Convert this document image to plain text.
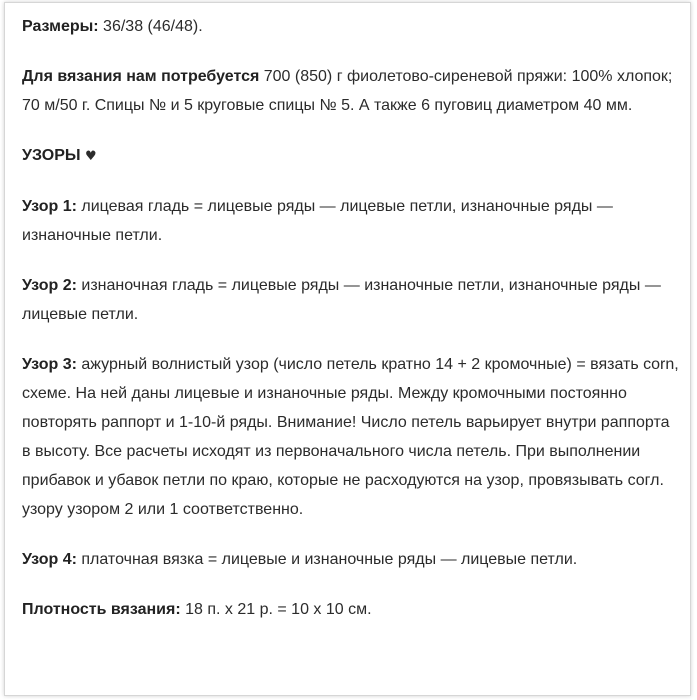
Размеры: 36/38 (46/48).

Для вязания нам потребуется 700 (850) г фиолетово-сиреневой пряжи: 100% хлопок; 70 м/50 г. Спицы № и 5 круговые спицы № 5. А также 6 пуговиц диаметром 40 мм.

УЗОРЫ ♥

Узор 1: лицевая гладь = лицевые ряды — лицевые петли, изнаночные ряды — изнаночные петли.

Узор 2: изнаночная гладь = лицевые ряды — изнаночные петли, изнаночные ряды — лицевые петли.

Узор 3: ажурный волнистый узор (число петель кратно 14 + 2 кромочные) = вязать corn, схеме. На ней даны лицевые и изнаночные ряды. Между кромочными постоянно повторять раппорт и 1-10-й ряды. Внимание! Число петель варьирует внутри раппорта в высоту. Все расчеты исходят из первоначального числа петель. При выполнении прибавок и убавок петли по краю, которые не расходуются на узор, провязывать согл. узору узором 2 или 1 соответственно.

Узор 4: платочная вязка = лицевые и изнаночные ряды — лицевые петли.

Плотность вязания: 18 п. х 21 р. = 10 х 10 см.
